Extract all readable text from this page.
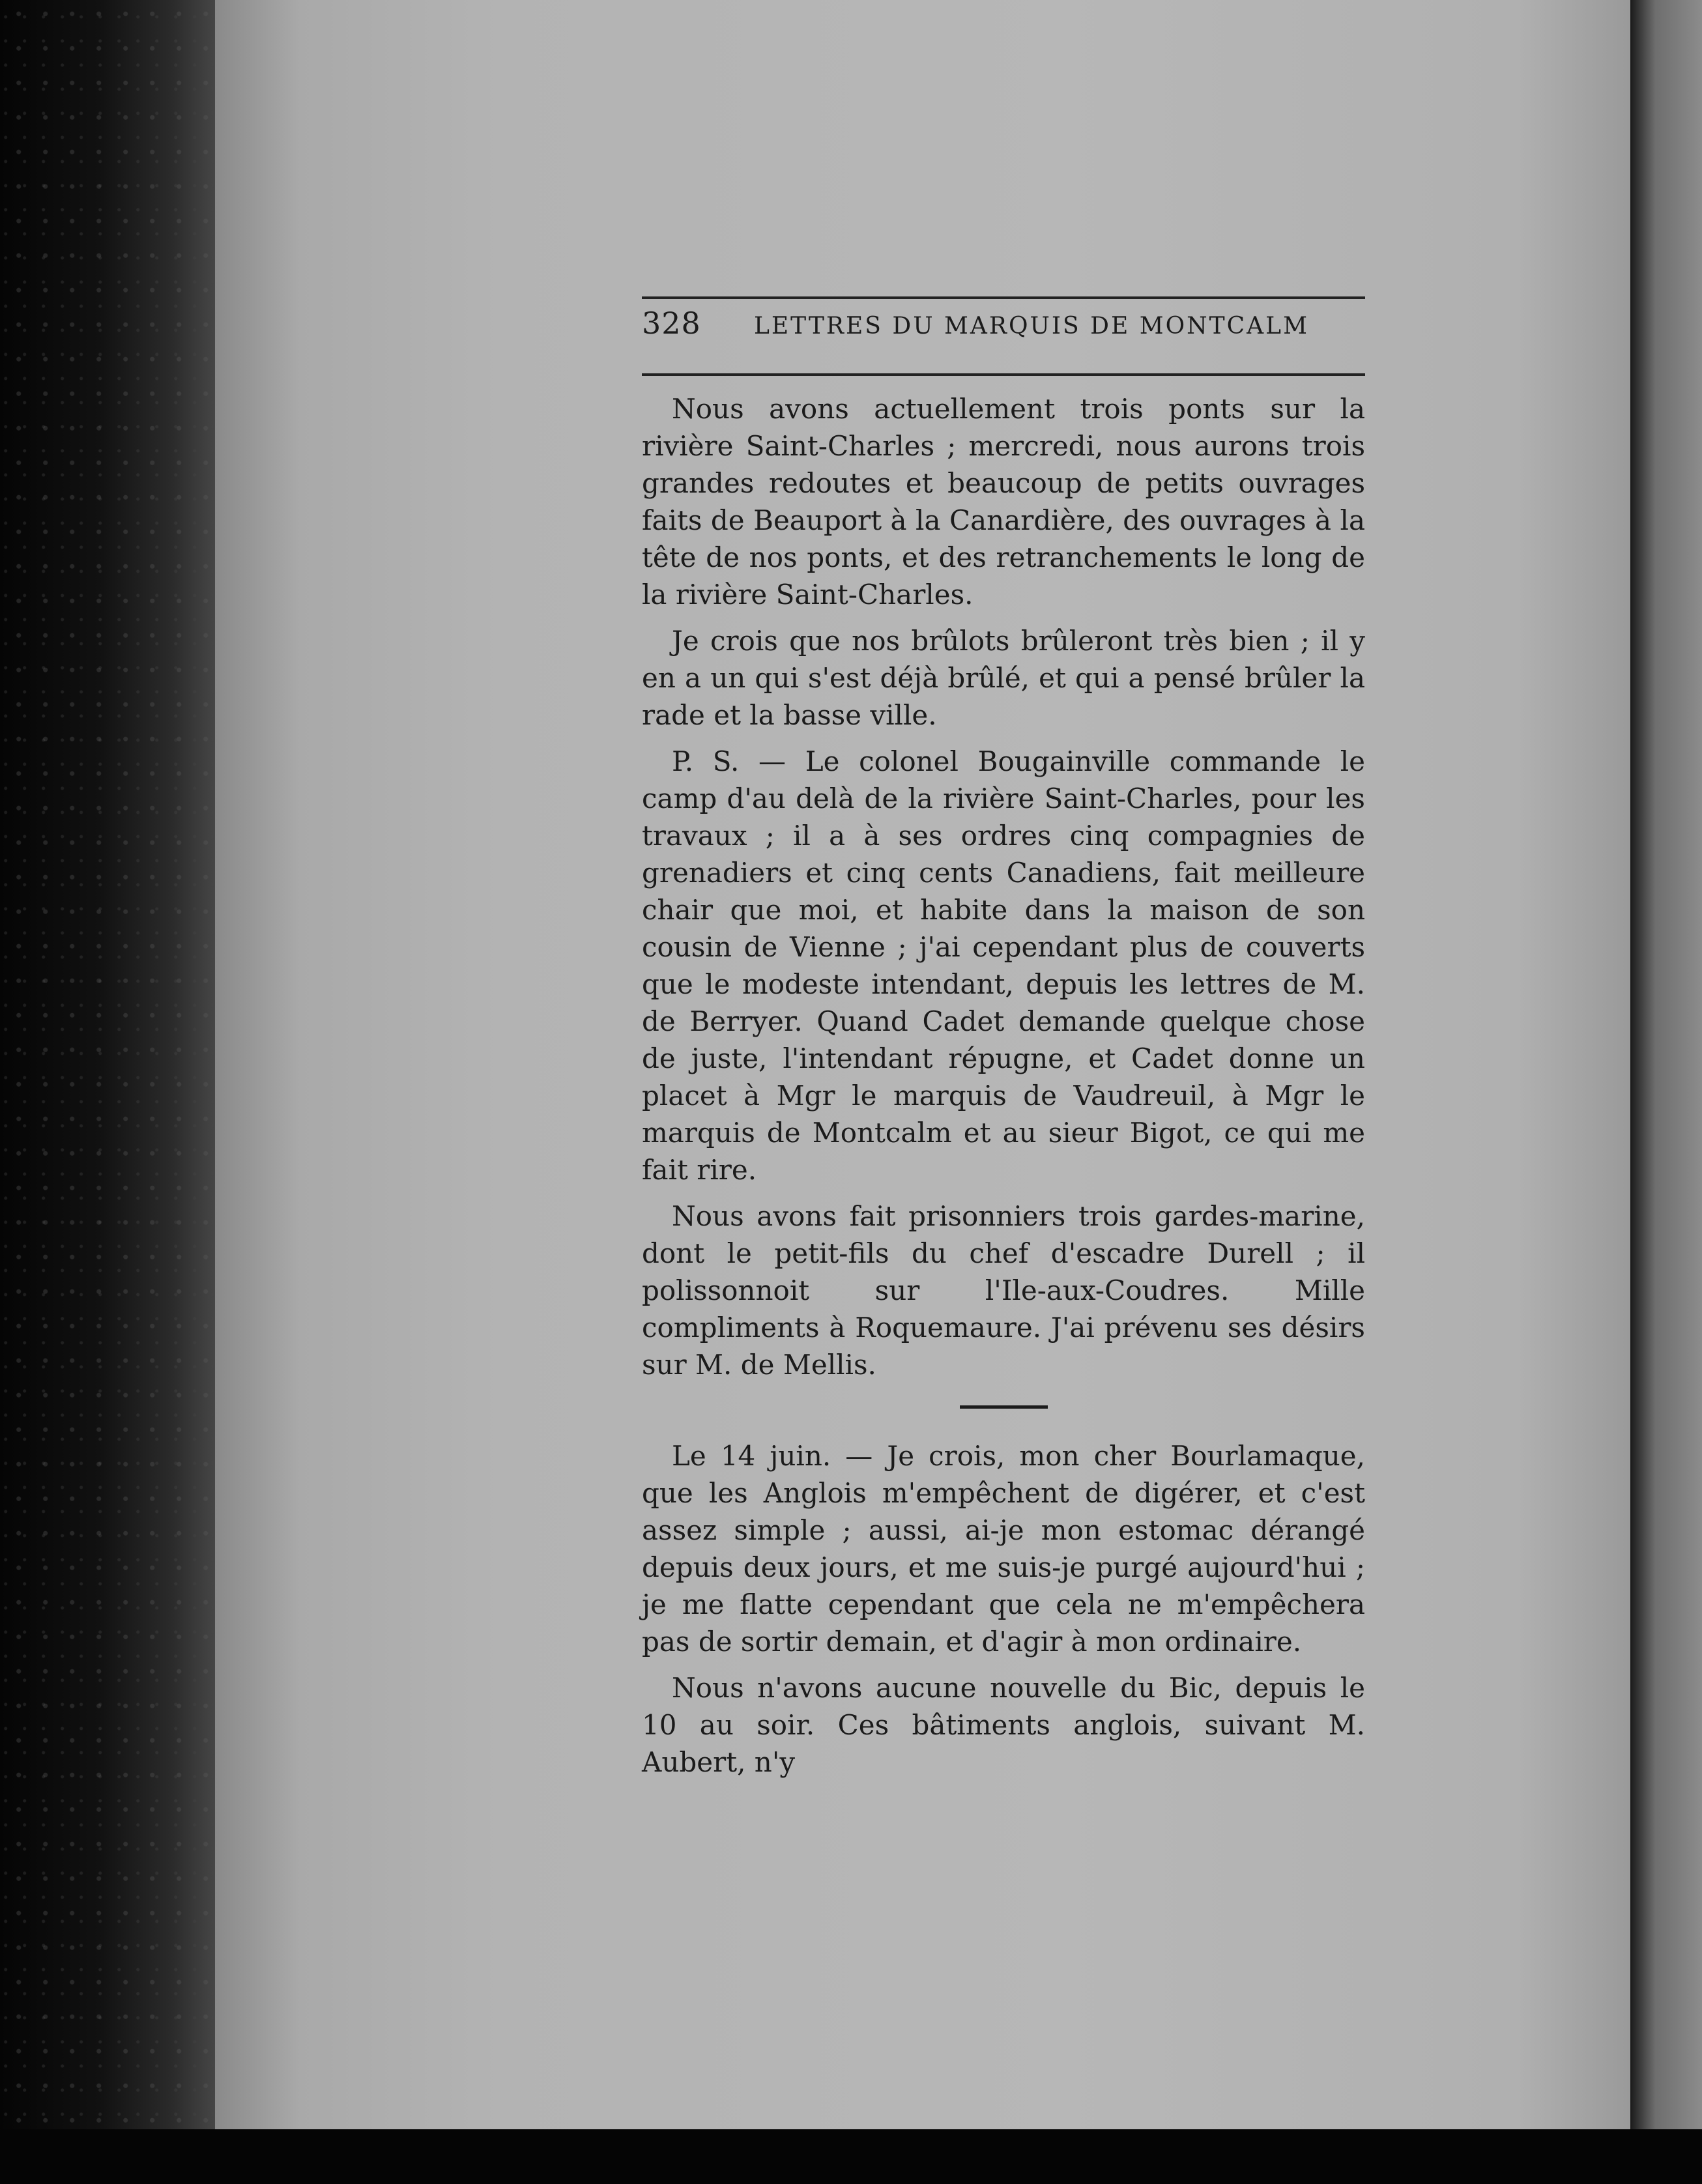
328	LETTRES DU MARQUIS DE MONTCALM

Nous avons actuellement trois ponts sur la rivière Saint-Charles ; mercredi, nous aurons trois grandes redoutes et beaucoup de petits ouvrages faits de Beauport à la Canardière, des ouvrages à la tête de nos ponts, et des retranchements le long de la rivière Saint-Charles.

Je crois que nos brûlots brûleront très bien ; il y en a un qui s'est déjà brûlé, et qui a pensé brûler la rade et la basse ville.

P. S. — Le colonel Bougainville commande le camp d'au delà de la rivière Saint-Charles, pour les travaux ; il a à ses ordres cinq compagnies de grenadiers et cinq cents Canadiens, fait meilleure chair que moi, et habite dans la maison de son cousin de Vienne ; j'ai cependant plus de couverts que le modeste intendant, depuis les lettres de M. de Berryer. Quand Cadet demande quelque chose de juste, l'intendant répugne, et Cadet donne un placet à Mgr le marquis de Vaudreuil, à Mgr le marquis de Montcalm et au sieur Bigot, ce qui me fait rire.

Nous avons fait prisonniers trois gardes-marine, dont le petit-fils du chef d'escadre Durell ; il polissonnoit sur l'Ile-aux-Coudres. Mille compliments à Roquemaure. J'ai prévenu ses désirs sur M. de Mellis.

Le 14 juin. — Je crois, mon cher Bourlamaque, que les Anglois m'empêchent de digérer, et c'est assez simple ; aussi, ai-je mon estomac dérangé depuis deux jours, et me suis-je purgé aujourd'hui ; je me flatte cependant que cela ne m'empêchera pas de sortir demain, et d'agir à mon ordinaire.

Nous n'avons aucune nouvelle du Bic, depuis le 10 au soir. Ces bâtiments anglois, suivant M. Aubert, n'y
